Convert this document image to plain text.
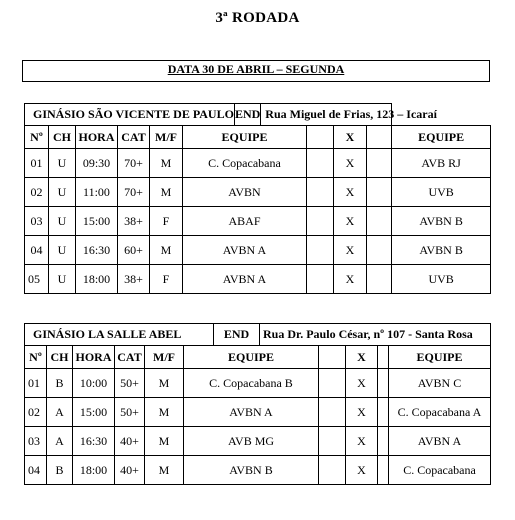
3ª RODADA
DATA 30 DE ABRIL – SEGUNDA
GINÁSIO SÃO VICENTE DE PAULO END Rua Miguel de Frias, 123 – Icaraí									

Nº	CH	HORA	CAT	M/F	EQUIPE		X		EQUIPE
01	U	09:30	70+	M	C. Copacabana		X		AVB RJ
02	U	11:00	70+	M	AVBN		X		UVB
03	U	15:00	38+	F	ABAF		X		AVBN B
04	U	16:30	60+	M	AVBN A		X		AVBN B
05	U	18:00	38+	F	AVBN A		X		UVB
GINÁSIO LA SALLE ABEL END Rua Dr. Paulo César, nº 107 - Santa Rosa									

Nº	CH	HORA	CAT	M/F	EQUIPE		X		EQUIPE
01	B	10:00	50+	M	C. Copacabana B		X		AVBN C
02	A	15:00	50+	M	AVBN A		X		C. Copacabana A
03	A	16:30	40+	M	AVB MG		X		AVBN A
04	B	18:00	40+	M	AVBN B		X		C. Copacabana
